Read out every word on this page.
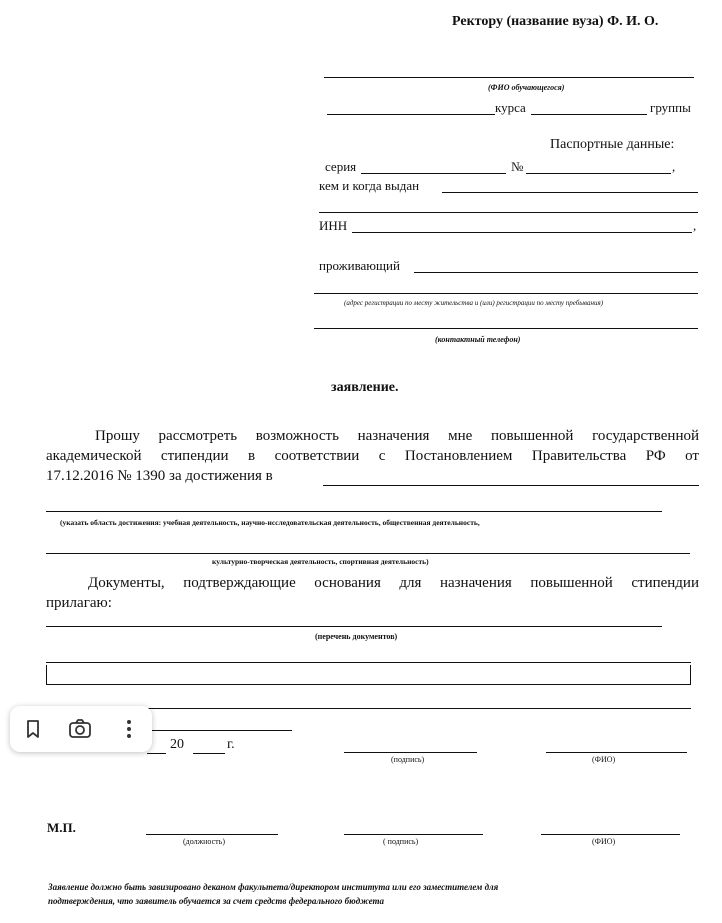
Ректору (название вуза) Ф. И. О.
(ФИО обучающегося)
курса	группы
Паспортные данные:
серия	№	,
кем и когда выдан
ИНН	,
проживающий
(адрес регистрации по месту жительства и (или) регистрации по месту пребывания)
(контактный телефон)
заявление.
Прошу рассмотреть возможность назначения мне повышенной государственной
академической стипендии в соответствии с Постановлением Правительства РФ от
17.12.2016 № 1390 за достижения в
(указать область достижения: учебная деятельность, научно-исследовательская деятельность, общественная деятельность,
культурно-творческая деятельность, спортивная деятельность)
Документы, подтверждающие основания для назначения повышенной стипендии
прилагаю:
(перечень документов)
20	г.
(подпись)	(ФИО)
М.П.
(должность)	( подпись)	(ФИО)
Заявление должно быть завизировано деканом факультета/директором института или его заместителем для
подтверждения, что заявитель обучается за счет средств федерального бюджета
